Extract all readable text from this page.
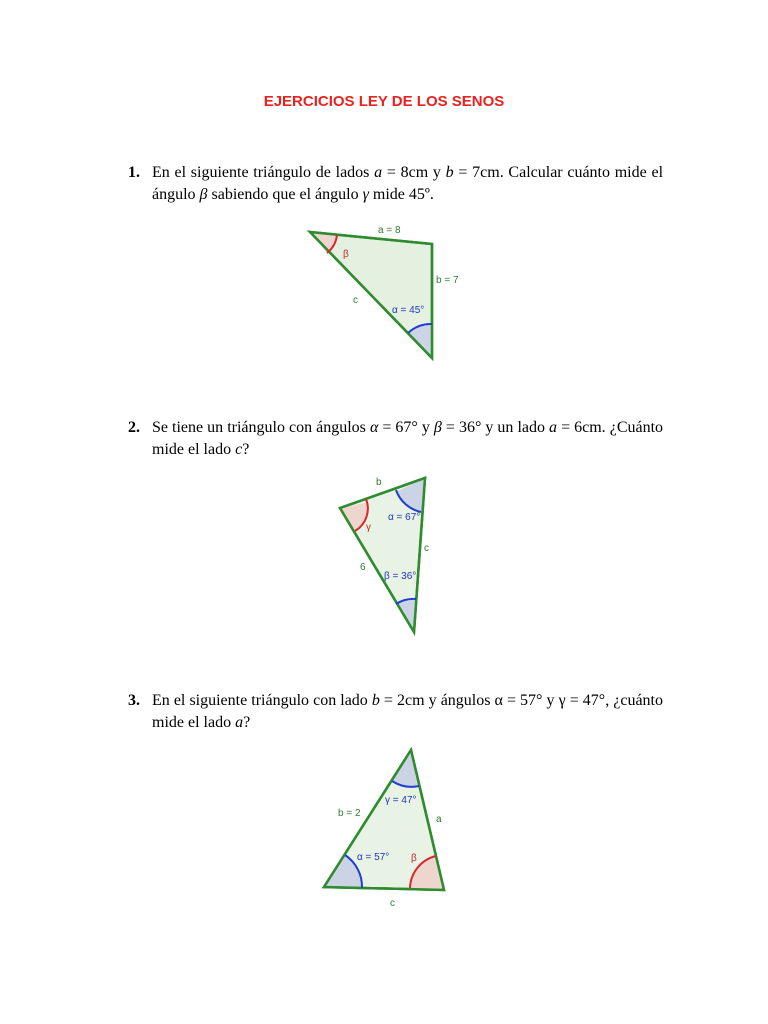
EJERCICIOS LEY DE LOS SENOS
1. En el siguiente triángulo de lados a = 8cm y b = 7cm. Calcular cuánto mide el ángulo β sabiendo que el ángulo γ mide 45º.
a = 8
b = 7
c
β
α = 45°
2. Se tiene un triángulo con ángulos α = 67° y β = 36° y un lado a = 6cm. ¿Cuánto mide el lado c?
b
c
6
γ
α = 67°
β = 36°
3. En el siguiente triángulo con lado b = 2cm y ángulos α = 57° y γ = 47°, ¿cuánto mide el lado a?
b = 2
a
c
γ = 47°
α = 57° β
